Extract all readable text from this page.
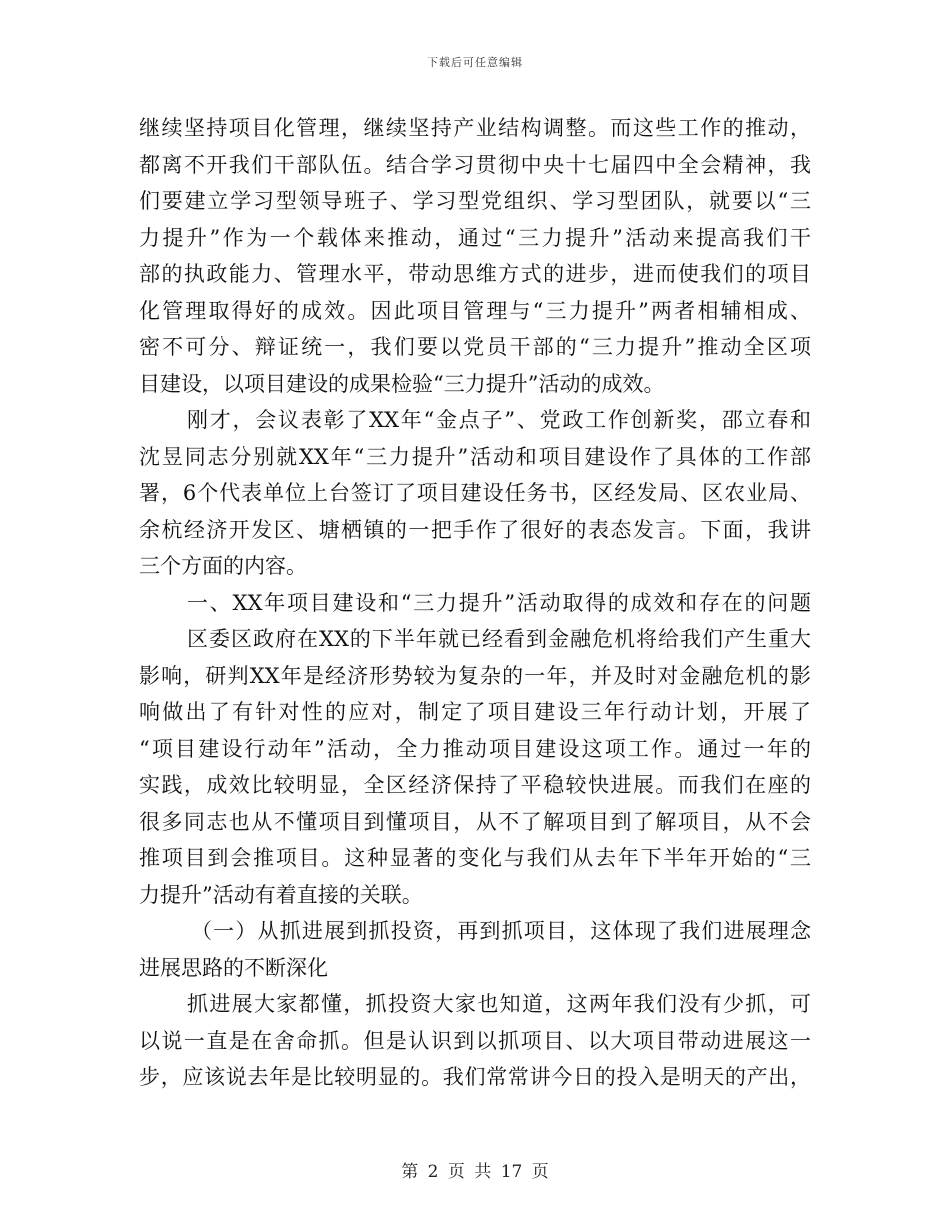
下载后可任意编辑
继续坚持项目化管理，继续坚持产业结构调整。而这些工作的推动，
都离不开我们干部队伍。结合学习贯彻中央十七届四中全会精神，我
们要建立学习型领导班子、学习型党组织、学习型团队，就要以“三
力提升”作为一个载体来推动，通过“三力提升”活动来提高我们干
部的执政能力、管理水平，带动思维方式的进步，进而使我们的项目
化管理取得好的成效。因此项目管理与“三力提升”两者相辅相成、
密不可分、辩证统一，我们要以党员干部的“三力提升”推动全区项
目建设，以项目建设的成果检验“三力提升”活动的成效。
刚才，会议表彰了XX年“金点子”、党政工作创新奖，邵立春和
沈昱同志分别就XX年“三力提升”活动和项目建设作了具体的工作部
署，6个代表单位上台签订了项目建设任务书，区经发局、区农业局、
余杭经济开发区、塘栖镇的一把手作了很好的表态发言。下面，我讲
三个方面的内容。
一、XX年项目建设和“三力提升”活动取得的成效和存在的问题
区委区政府在XX的下半年就已经看到金融危机将给我们产生重大
影响，研判XX年是经济形势较为复杂的一年，并及时对金融危机的影
响做出了有针对性的应对，制定了项目建设三年行动计划，开展了
“项目建设行动年”活动，全力推动项目建设这项工作。通过一年的
实践，成效比较明显，全区经济保持了平稳较快进展。而我们在座的
很多同志也从不懂项目到懂项目，从不了解项目到了解项目，从不会
推项目到会推项目。这种显著的变化与我们从去年下半年开始的“三
力提升”活动有着直接的关联。
（一）从抓进展到抓投资，再到抓项目，这体现了我们进展理念
进展思路的不断深化
抓进展大家都懂，抓投资大家也知道，这两年我们没有少抓，可
以说一直是在舍命抓。但是认识到以抓项目、以大项目带动进展这一
步，应该说去年是比较明显的。我们常常讲今日的投入是明天的产出，
第 2 页 共 17 页
